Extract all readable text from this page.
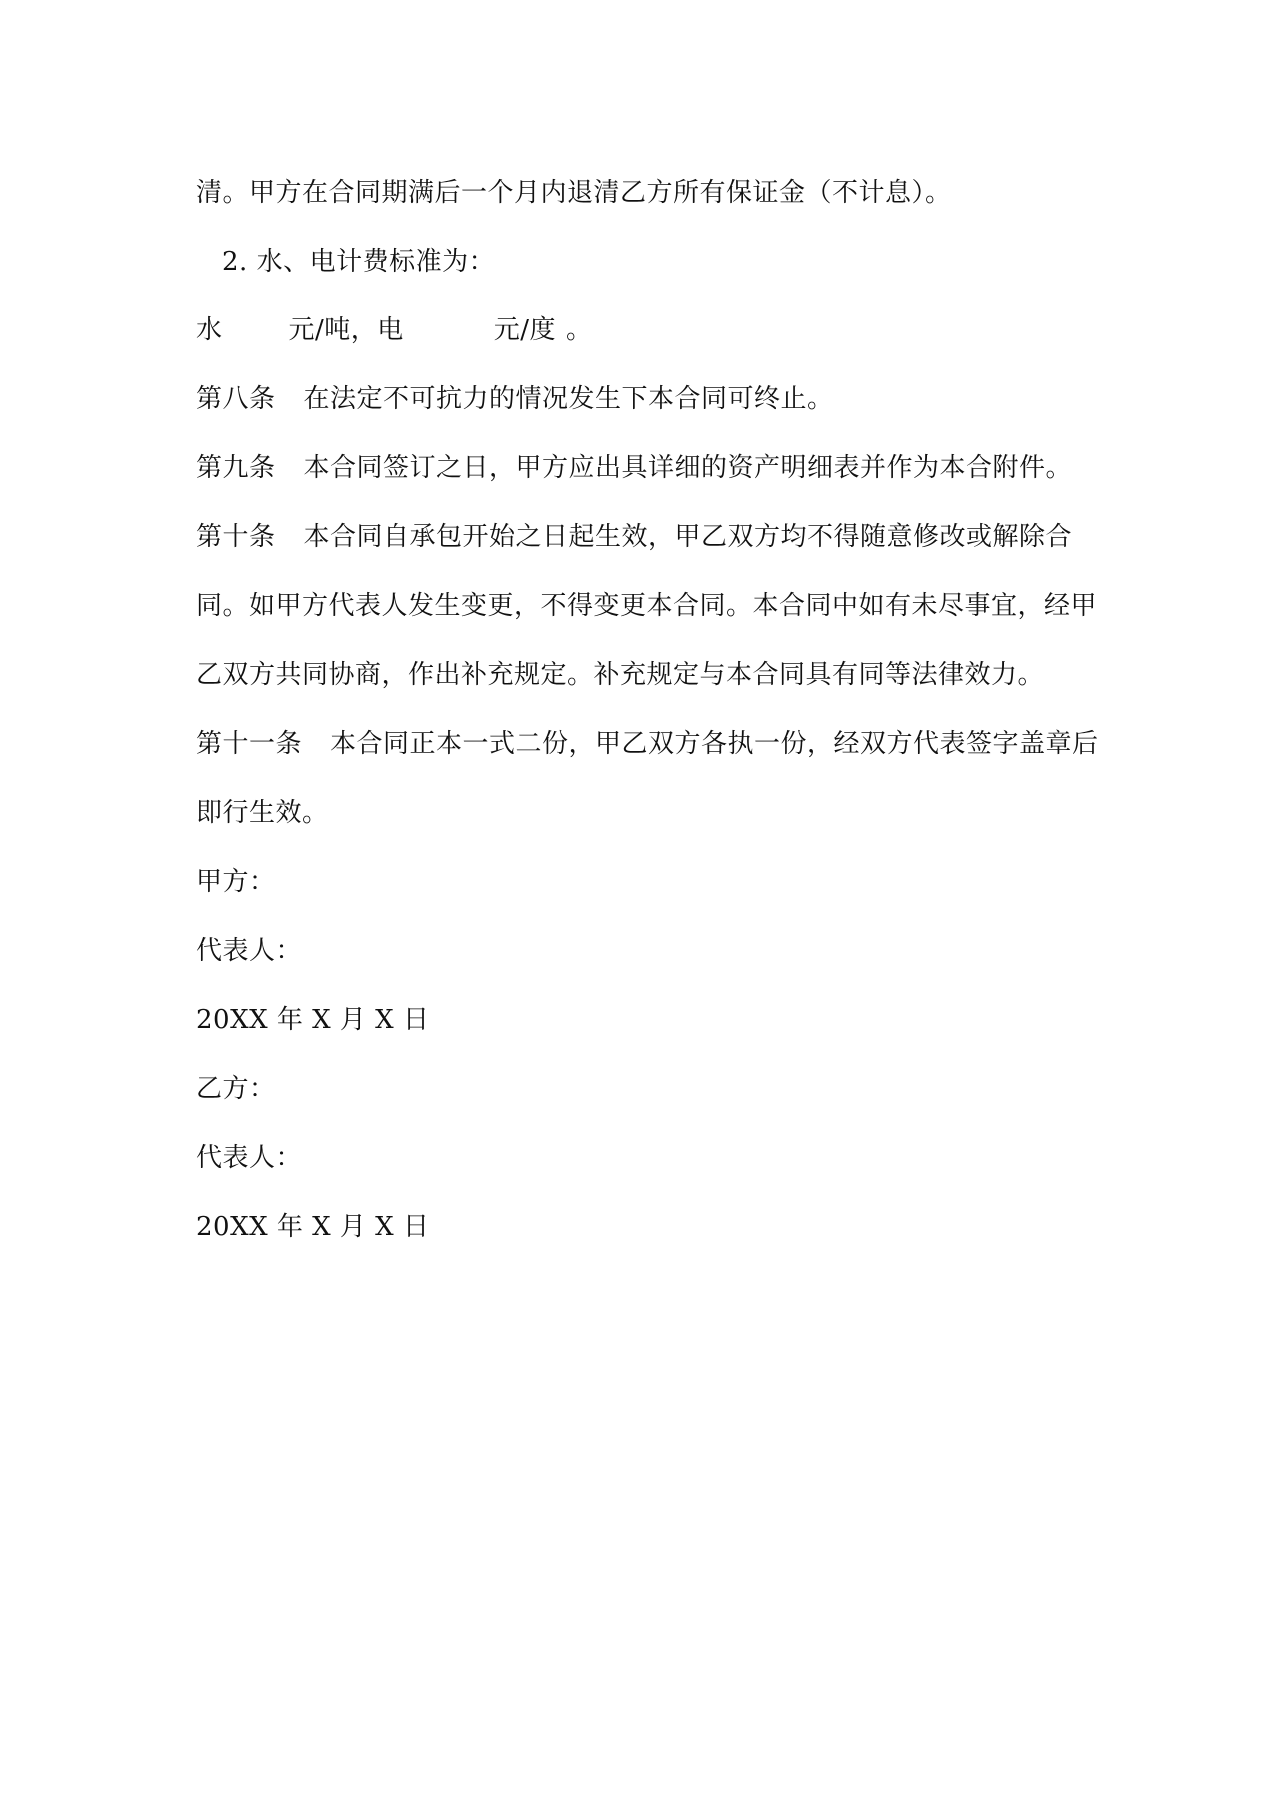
清。甲方在合同期满后一个月内退清乙方所有保证金（不计息）。
2. 水、电计费标准为：
水	元/吨，电	元/度 。
第八条 在法定不可抗力的情况发生下本合同可终止。
第九条 本合同签订之日，甲方应出具详细的资产明细表并作为本合附件。
第十条 本合同自承包开始之日起生效，甲乙双方均不得随意修改或解除合
同。如甲方代表人发生变更，不得变更本合同。本合同中如有未尽事宜，经甲
乙双方共同协商，作出补充规定。补充规定与本合同具有同等法律效力。
第十一条 本合同正本一式二份，甲乙双方各执一份，经双方代表签字盖章后
即行生效。
甲方：
代表人：
20XX 年 X 月 X 日
乙方：
代表人：
20XX 年 X 月 X 日
